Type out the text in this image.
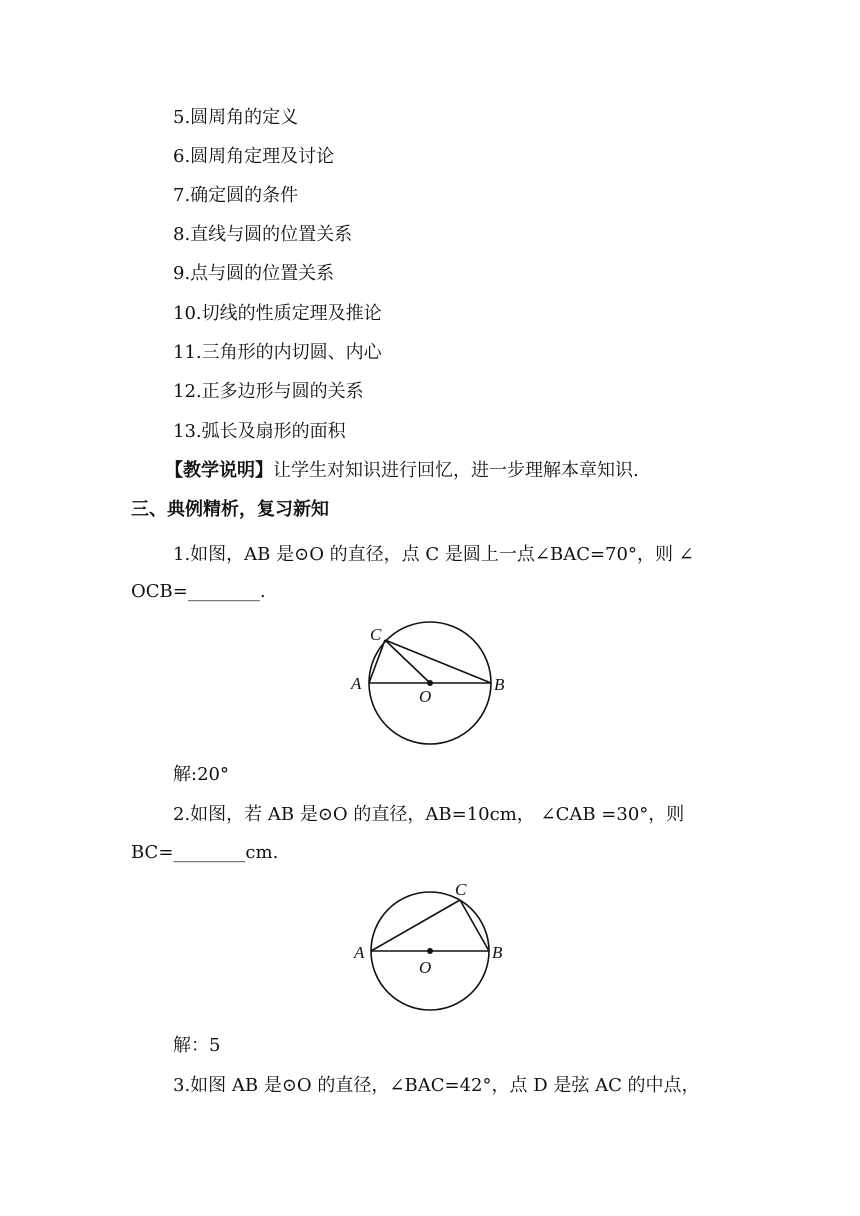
5.圆周角的定义
6.圆周角定理及讨论
7.确定圆的条件
8.直线与圆的位置关系
9.点与圆的位置关系
10.切线的性质定理及推论
11.三角形的内切圆、内心
12.正多边形与圆的关系
13.弧长及扇形的面积
【教学说明】让学生对知识进行回忆，进一步理解本章知识.
三、典例精析，复习新知
1.如图，AB 是⊙O 的直径，点 C 是圆上一点∠BAC=70°，则 ∠
OCB=________.
C
A
O
B
解:20°
2.如图，若 AB 是⊙O 的直径，AB=10cm， ∠CAB =30°，则
BC=________cm.
C
A
O
B
解：5
3.如图 AB 是⊙O 的直径，∠BAC=42°，点 D 是弦 AC 的中点，
